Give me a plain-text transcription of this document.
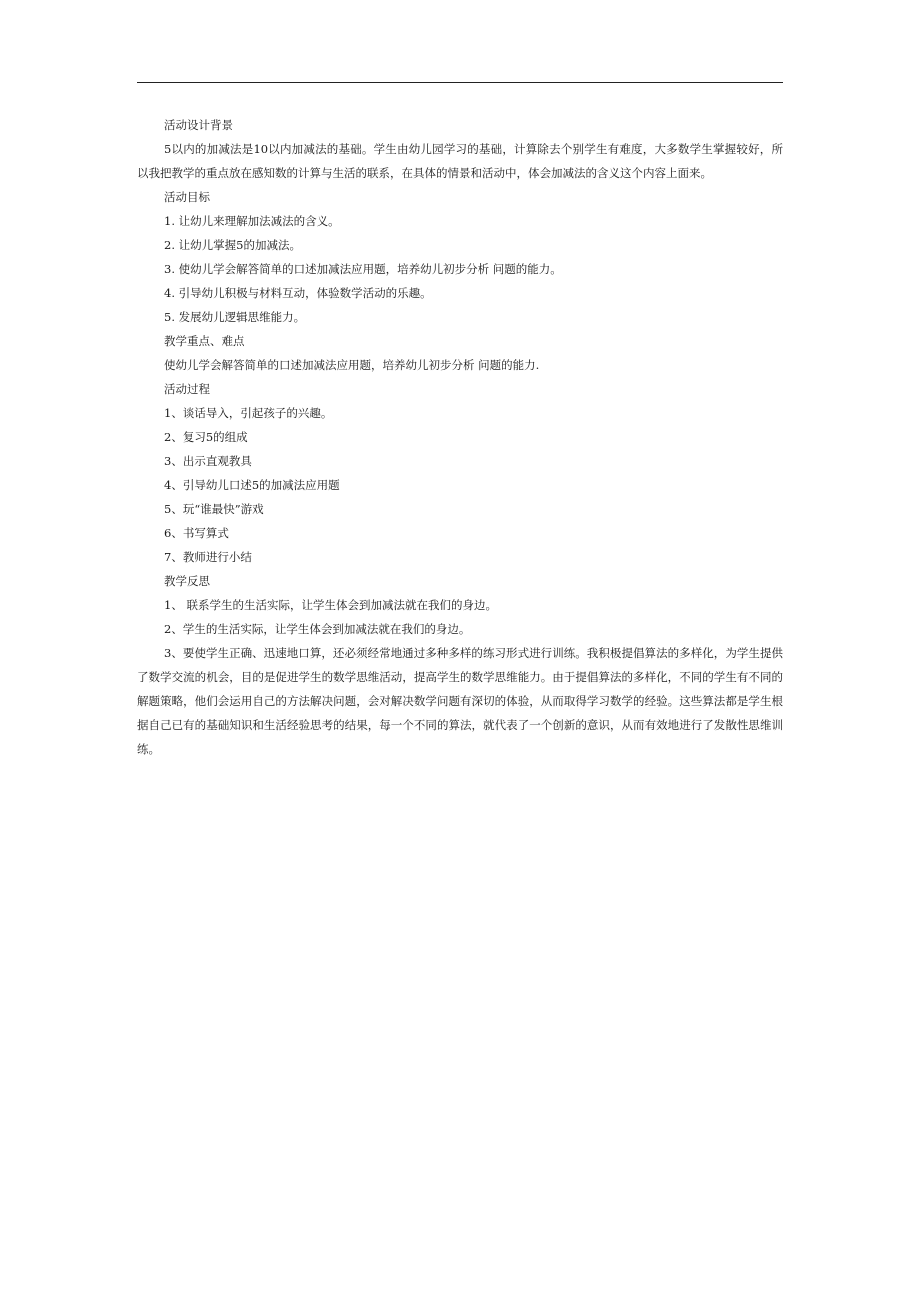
活动设计背景

5以内的加减法是10以内加减法的基础。学生由幼儿园学习的基础，计算除去个别学生有难度，大多数学生掌握较好，所以我把教学的重点放在感知数的计算与生活的联系，在具体的情景和活动中，体会加减法的含义这个内容上面来。

活动目标

1. 让幼儿来理解加法减法的含义。

2. 让幼儿掌握5的加减法。

3. 使幼儿学会解答简单的口述加减法应用题，培养幼儿初步分析 问题的能力。

4. 引导幼儿积极与材料互动，体验数学活动的乐趣。

5. 发展幼儿逻辑思维能力。

教学重点、难点

使幼儿学会解答简单的口述加减法应用题，培养幼儿初步分析 问题的能力.

活动过程

1、谈话导入，引起孩子的兴趣。

2、复习5的组成

3、出示直观教具

4、引导幼儿口述5的加减法应用题

5、玩“谁最快”游戏

6、书写算式

7、教师进行小结

教学反思

1、 联系学生的生活实际，让学生体会到加减法就在我们的身边。

2、学生的生活实际，让学生体会到加减法就在我们的身边。

3、要使学生正确、迅速地口算，还必须经常地通过多种多样的练习形式进行训练。我积极提倡算法的多样化，为学生提供了数学交流的机会，目的是促进学生的数学思维活动，提高学生的数学思维能力。由于提倡算法的多样化，不同的学生有不同的解题策略，他们会运用自己的方法解决问题，会对解决数学问题有深切的体验，从而取得学习数学的经验。这些算法都是学生根据自己已有的基础知识和生活经验思考的结果，每一个不同的算法，就代表了一个创新的意识，从而有效地进行了发散性思维训练。
